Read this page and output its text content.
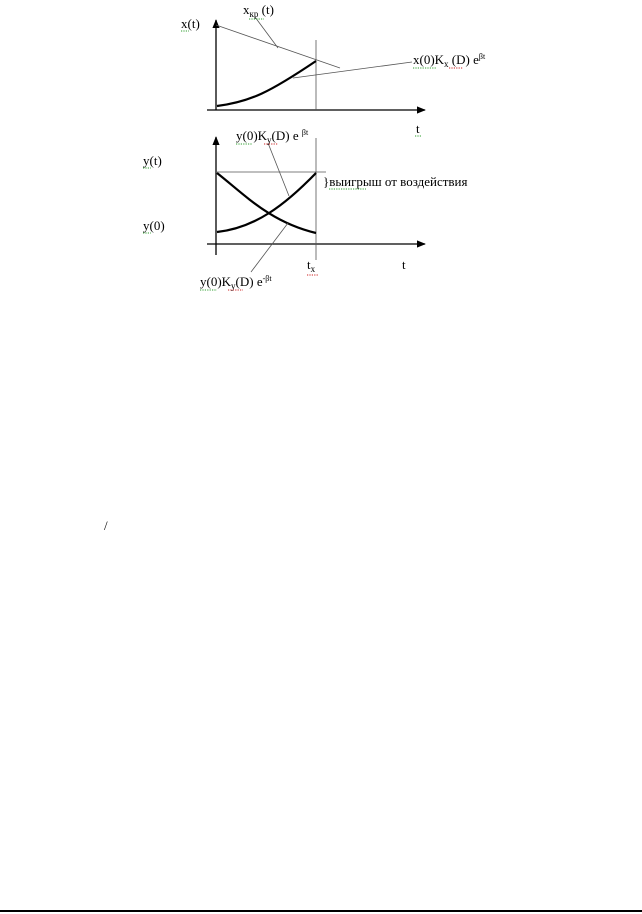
x(t)
$x_{кр}$ (t)
$x(0)K_x$ (D) $e^{\beta t}$
t
$y(0)K_y(D)$ e $^{\beta t}$
y(t)
y(0)
}выигрыш от воздействия
$t_x$	t
$y(0)K_y(D)$ $e^{-\beta t}$
/
